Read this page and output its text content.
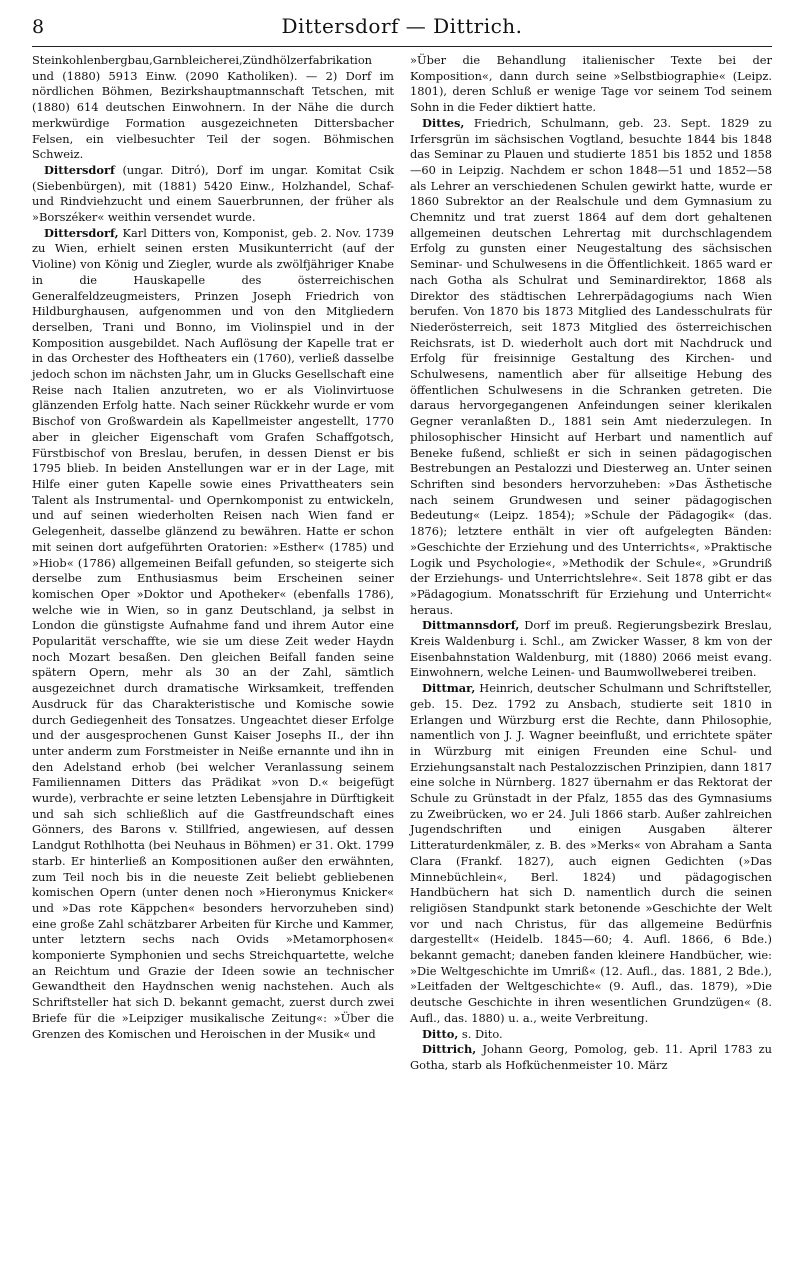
8	Dittersdorf — Dittrich.

Steinkohlenbergbau,Garnbleicherei,Zündhölzerfabrikation und (1880) 5913 Einw. (2090 Katholiken). — 2) Dorf im nördlichen Böhmen, Bezirkshauptmannschaft Tetschen, mit (1880) 614 deutschen Einwohnern. In der Nähe die durch merkwürdige Formation ausgezeichneten Dittersbacher Felsen, ein vielbesuchter Teil der sogen. Böhmischen Schweiz.

Dittersdorf (ungar. Ditró), Dorf im ungar. Komitat Csik (Siebenbürgen), mit (1881) 5420 Einw., Holzhandel, Schaf- und Rindviehzucht und einem Sauerbrunnen, der früher als »Borszéker« weithin versendet wurde.

Dittersdorf, Karl Ditters von, Komponist, geb. 2. Nov. 1739 zu Wien, erhielt seinen ersten Musikunterricht (auf der Violine) von König und Ziegler, wurde als zwölfjähriger Knabe in die Hauskapelle des österreichischen Generalfeldzeugmeisters, Prinzen Joseph Friedrich von Hildburghausen, aufgenommen und von den Mitgliedern derselben, Trani und Bonno, im Violinspiel und in der Komposition ausgebildet. Nach Auflösung der Kapelle trat er in das Orchester des Hoftheaters ein (1760), verließ dasselbe jedoch schon im nächsten Jahr, um in Glucks Gesellschaft eine Reise nach Italien anzutreten, wo er als Violinvirtuose glänzenden Erfolg hatte. Nach seiner Rückkehr wurde er vom Bischof von Großwardein als Kapellmeister angestellt, 1770 aber in gleicher Eigenschaft vom Grafen Schaffgotsch, Fürstbischof von Breslau, berufen, in dessen Dienst er bis 1795 blieb. In beiden Anstellungen war er in der Lage, mit Hilfe einer guten Kapelle sowie eines Privattheaters sein Talent als Instrumental- und Opernkomponist zu entwickeln, und auf seinen wiederholten Reisen nach Wien fand er Gelegenheit, dasselbe glänzend zu bewähren. Hatte er schon mit seinen dort aufgeführten Oratorien: »Esther« (1785) und »Hiob« (1786) allgemeinen Beifall gefunden, so steigerte sich derselbe zum Enthusiasmus beim Erscheinen seiner komischen Oper »Doktor und Apotheker« (ebenfalls 1786), welche wie in Wien, so in ganz Deutschland, ja selbst in London die günstigste Aufnahme fand und ihrem Autor eine Popularität verschaffte, wie sie um diese Zeit weder Haydn noch Mozart besaßen. Den gleichen Beifall fanden seine spätern Opern, mehr als 30 an der Zahl, sämtlich ausgezeichnet durch dramatische Wirksamkeit, treffenden Ausdruck für das Charakteristische und Komische sowie durch Gediegenheit des Tonsatzes. Ungeachtet dieser Erfolge und der ausgesprochenen Gunst Kaiser Josephs II., der ihn unter anderm zum Forstmeister in Neiße ernannte und ihn in den Adelstand erhob (bei welcher Veranlassung seinem Familiennamen Ditters das Prädikat »von D.« beigefügt wurde), verbrachte er seine letzten Lebensjahre in Dürftigkeit und sah sich schließlich auf die Gastfreundschaft eines Gönners, des Barons v. Stillfried, angewiesen, auf dessen Landgut Rothlhotta (bei Neuhaus in Böhmen) er 31. Okt. 1799 starb. Er hinterließ an Kompositionen außer den erwähnten, zum Teil noch bis in die neueste Zeit beliebt gebliebenen komischen Opern (unter denen noch »Hieronymus Knicker« und »Das rote Käppchen« besonders hervorzuheben sind) eine große Zahl schätzbarer Arbeiten für Kirche und Kammer, unter letztern sechs nach Ovids »Metamorphosen« komponierte Symphonien und sechs Streichquartette, welche an Reichtum und Grazie der Ideen sowie an technischer Gewandtheit den Haydnschen wenig nachstehen. Auch als Schriftsteller hat sich D. bekannt gemacht, zuerst durch zwei Briefe für die »Leipziger musikalische Zeitung«: »Über die Grenzen des Komischen und Heroischen in der Musik« und

»Über die Behandlung italienischer Texte bei der Komposition«, dann durch seine »Selbstbiographie« (Leipz. 1801), deren Schluß er wenige Tage vor seinem Tod seinem Sohn in die Feder diktiert hatte.

Dittes, Friedrich, Schulmann, geb. 23. Sept. 1829 zu Irfersgrün im sächsischen Vogtland, besuchte 1844 bis 1848 das Seminar zu Plauen und studierte 1851 bis 1852 und 1858—60 in Leipzig. Nachdem er schon 1848—51 und 1852—58 als Lehrer an verschiedenen Schulen gewirkt hatte, wurde er 1860 Subrektor an der Realschule und dem Gymnasium zu Chemnitz und trat zuerst 1864 auf dem dort gehaltenen allgemeinen deutschen Lehrertag mit durchschlagendem Erfolg zu gunsten einer Neugestaltung des sächsischen Seminar- und Schulwesens in die Öffentlichkeit. 1865 ward er nach Gotha als Schulrat und Seminardirektor, 1868 als Direktor des städtischen Lehrerpädagogiums nach Wien berufen. Von 1870 bis 1873 Mitglied des Landesschulrats für Niederösterreich, seit 1873 Mitglied des österreichischen Reichsrats, ist D. wiederholt auch dort mit Nachdruck und Erfolg für freisinnige Gestaltung des Kirchen- und Schulwesens, namentlich aber für allseitige Hebung des öffentlichen Schulwesens in die Schranken getreten. Die daraus hervorgegangenen Anfeindungen seiner klerikalen Gegner veranlaßten D., 1881 sein Amt niederzulegen. In philosophischer Hinsicht auf Herbart und namentlich auf Beneke fußend, schließt er sich in seinen pädagogischen Bestrebungen an Pestalozzi und Diesterweg an. Unter seinen Schriften sind besonders hervorzuheben: »Das Ästhetische nach seinem Grundwesen und seiner pädagogischen Bedeutung« (Leipz. 1854); »Schule der Pädagogik« (das. 1876); letztere enthält in vier oft aufgelegten Bänden: »Geschichte der Erziehung und des Unterrichts«, »Praktische Logik und Psychologie«, »Methodik der Schule«, »Grundriß der Erziehungs- und Unterrichtslehre«. Seit 1878 gibt er das »Pädagogium. Monatsschrift für Erziehung und Unterricht« heraus.

Dittmannsdorf, Dorf im preuß. Regierungsbezirk Breslau, Kreis Waldenburg i. Schl., am Zwicker Wasser, 8 km von der Eisenbahnstation Waldenburg, mit (1880) 2066 meist evang. Einwohnern, welche Leinen- und Baumwollweberei treiben.

Dittmar, Heinrich, deutscher Schulmann und Schriftsteller, geb. 15. Dez. 1792 zu Ansbach, studierte seit 1810 in Erlangen und Würzburg erst die Rechte, dann Philosophie, namentlich von J. J. Wagner beeinflußt, und errichtete später in Würzburg mit einigen Freunden eine Schul- und Erziehungsanstalt nach Pestalozzischen Prinzipien, dann 1817 eine solche in Nürnberg. 1827 übernahm er das Rektorat der Schule zu Grünstadt in der Pfalz, 1855 das des Gymnasiums zu Zweibrücken, wo er 24. Juli 1866 starb. Außer zahlreichen Jugendschriften und einigen Ausgaben älterer Litteraturdenkmäler, z. B. des »Merks« von Abraham a Santa Clara (Frankf. 1827), auch eignen Gedichten (»Das Minnebüchlein«, Berl. 1824) und pädagogischen Handbüchern hat sich D. namentlich durch die seinen religiösen Standpunkt stark betonende »Geschichte der Welt vor und nach Christus, für das allgemeine Bedürfnis dargestellt« (Heidelb. 1845—60; 4. Aufl. 1866, 6 Bde.) bekannt gemacht; daneben fanden kleinere Handbücher, wie: »Die Weltgeschichte im Umriß« (12. Aufl., das. 1881, 2 Bde.), »Leitfaden der Weltgeschichte« (9. Aufl., das. 1879), »Die deutsche Geschichte in ihren wesentlichen Grundzügen« (8. Aufl., das. 1880) u. a., weite Verbreitung.

Ditto, s. Dito.

Dittrich, Johann Georg, Pomolog, geb. 11. April 1783 zu Gotha, starb als Hofküchenmeister 10. März
